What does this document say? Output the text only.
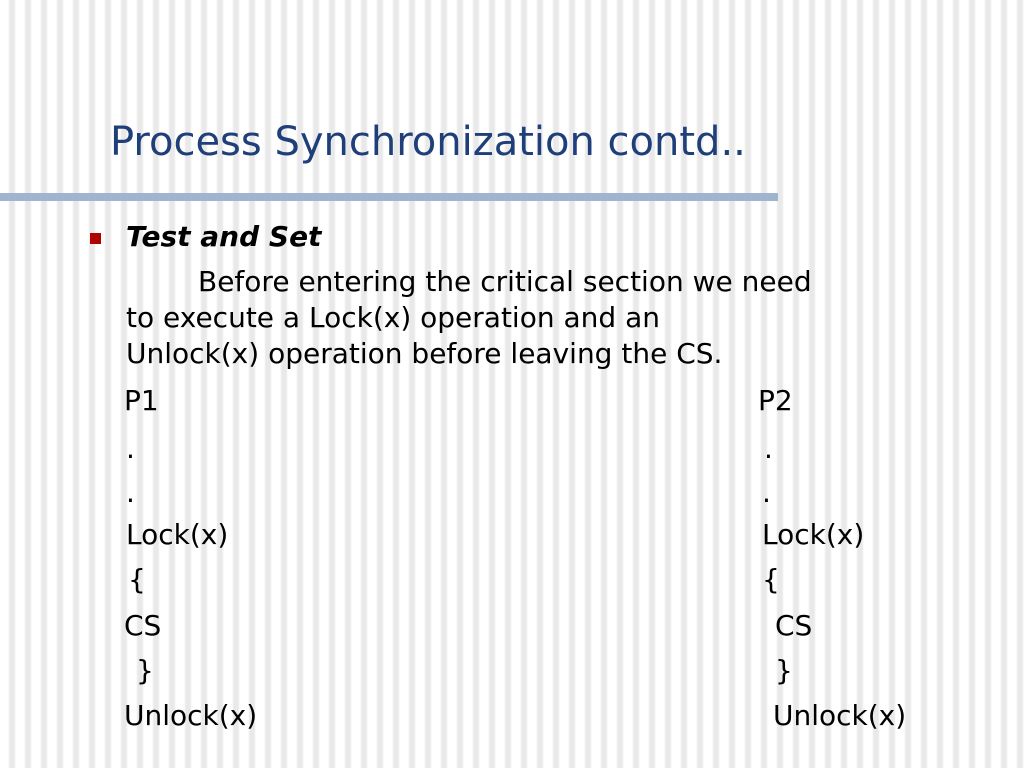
Process Synchronization contd..
Test and Set

Before entering the critical section we need
to execute a Lock(x) operation and an
Unlock(x) operation before leaving the CS.

P1
.
.
Lock(x)
{
CS
}
Unlock(x)
P2
.
.
Lock(x)
{
CS
}
Unlock(x)
